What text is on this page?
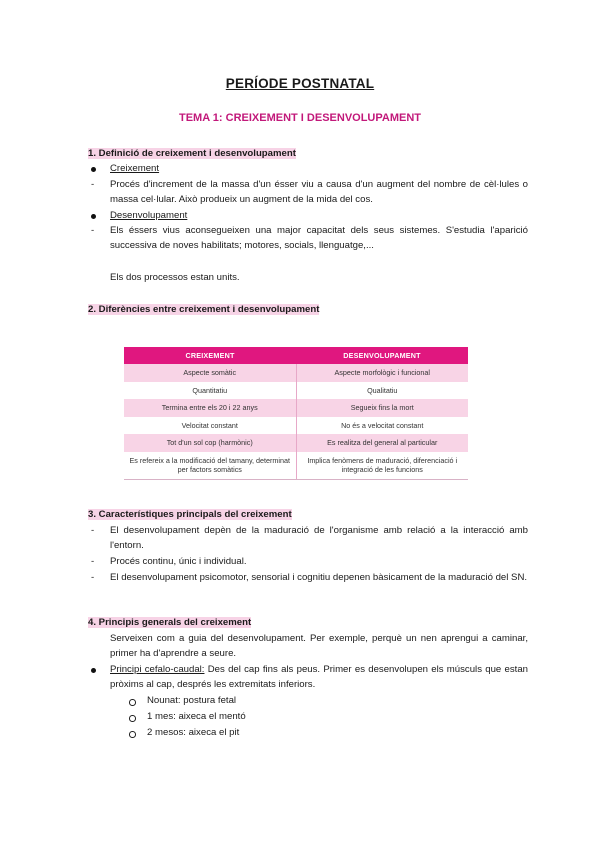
PERÍODE POSTNATAL
TEMA 1: CREIXEMENT I DESENVOLUPAMENT
1. Definició de creixement i desenvolupament
Creixement
- Procés d'increment de la massa d'un ésser viu a causa d'un augment del nombre de cèl·lules o massa cel·lular. Això produeix un augment de la mida del cos.
Desenvolupament
- Els éssers vius aconsegueixen una major capacitat dels seus sistemes. S'estudia l'aparició successiva de noves habilitats; motores, socials, llenguatge,...
Els dos processos estan units.
2. Diferències entre creixement i desenvolupament
CREIXEMENT	DESENVOLUPAMENT
Aspecte somàtic	Aspecte morfològic i funcional
Quantitatiu	Qualitatiu
Termina entre els 20 i 22 anys	Segueix fins la mort
Velocitat constant	No és a velocitat constant
Tot d'un sol cop (harmònic)	Es realitza del general al particular
Es refereix a la modificació del tamany, determinat per factors somàtics	Implica fenòmens de maduració, diferenciació i integració de les funcions
3. Característiques principals del creixement
- El desenvolupament depèn de la maduració de l'organisme amb relació a la interacció amb l'entorn.
- Procés continu, únic i individual.
- El desenvolupament psicomotor, sensorial i cognitiu depenen bàsicament de la maduració del SN.
4. Principis generals del creixement
Serveixen com a guia del desenvolupament. Per exemple, perquè un nen aprengui a caminar, primer ha d'aprendre a seure.
Principi cefalo-caudal: Des del cap fins als peus. Primer es desenvolupen els músculs que estan pròxims al cap, després les extremitats inferiors.
Nounat: postura fetal
1 mes: aixeca el mentó
2 mesos: aixeca el pit
